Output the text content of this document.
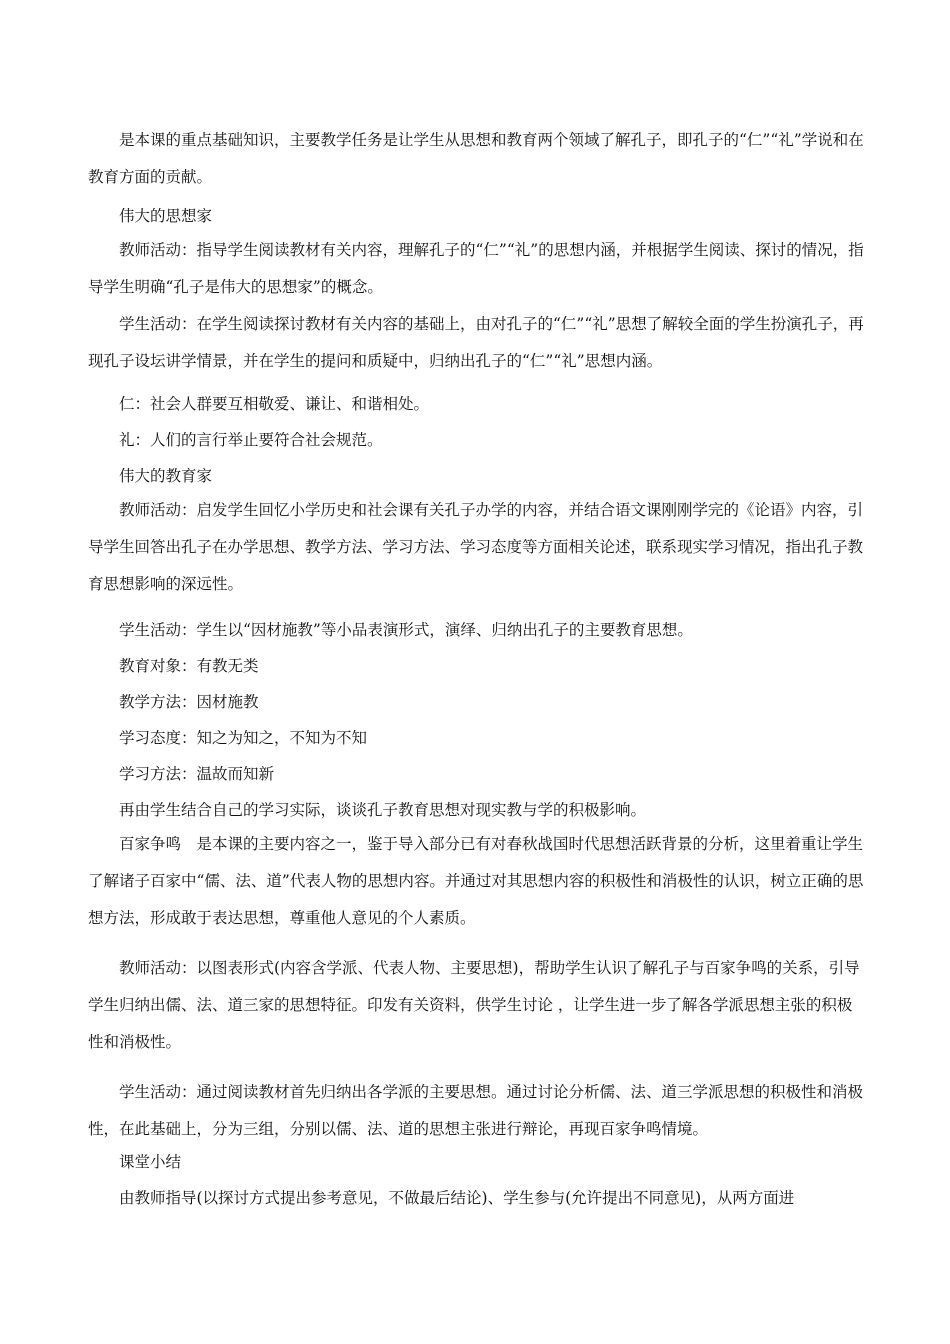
是本课的重点基础知识，主要教学任务是让学生从思想和教育两个领域了解孔子，即孔子的“仁”“礼”学说和在教育方面的贡献。

伟大的思想家

教师活动：指导学生阅读教材有关内容，理解孔子的“仁”“礼”的思想内涵，并根据学生阅读、探讨的情况，指导学生明确“孔子是伟大的思想家”的概念。

学生活动：在学生阅读探讨教材有关内容的基础上，由对孔子的“仁”“礼”思想了解较全面的学生扮演孔子，再现孔子设坛讲学情景，并在学生的提问和质疑中，归纳出孔子的“仁”“礼”思想内涵。

仁：社会人群要互相敬爱、谦让、和谐相处。

礼：人们的言行举止要符合社会规范。

伟大的教育家

教师活动：启发学生回忆小学历史和社会课有关孔子办学的内容，并结合语文课刚刚学完的《论语》内容，引导学生回答出孔子在办学思想、教学方法、学习方法、学习态度等方面相关论述，联系现实学习情况，指出孔子教育思想影响的深远性。

学生活动：学生以“因材施教”等小品表演形式，演绎、归纳出孔子的主要教育思想。

教育对象：有教无类

教学方法：因材施教

学习态度：知之为知之，不知为不知

学习方法：温故而知新

再由学生结合自己的学习实际，谈谈孔子教育思想对现实教与学的积极影响。

百家争鸣　是本课的主要内容之一，鉴于导入部分已有对春秋战国时代思想活跃背景的分析，这里着重让学生了解诸子百家中“儒、法、道”代表人物的思想内容。并通过对其思想内容的积极性和消极性的认识，树立正确的思想方法，形成敢于表达思想，尊重他人意见的个人素质。

教师活动：以图表形式(内容含学派、代表人物、主要思想)，帮助学生认识了解孔子与百家争鸣的关系，引导学生归纳出儒、法、道三家的思想特征。印发有关资料，供学生讨论 ，让学生进一步了解各学派思想主张的积极性和消极性。

学生活动：通过阅读教材首先归纳出各学派的主要思想。通过讨论分析儒、法、道三学派思想的积极性和消极性，在此基础上，分为三组，分别以儒、法、道的思想主张进行辩论，再现百家争鸣情境。

课堂小结

由教师指导(以探讨方式提出参考意见，不做最后结论)、学生参与(允许提出不同意见)，从两方面进
